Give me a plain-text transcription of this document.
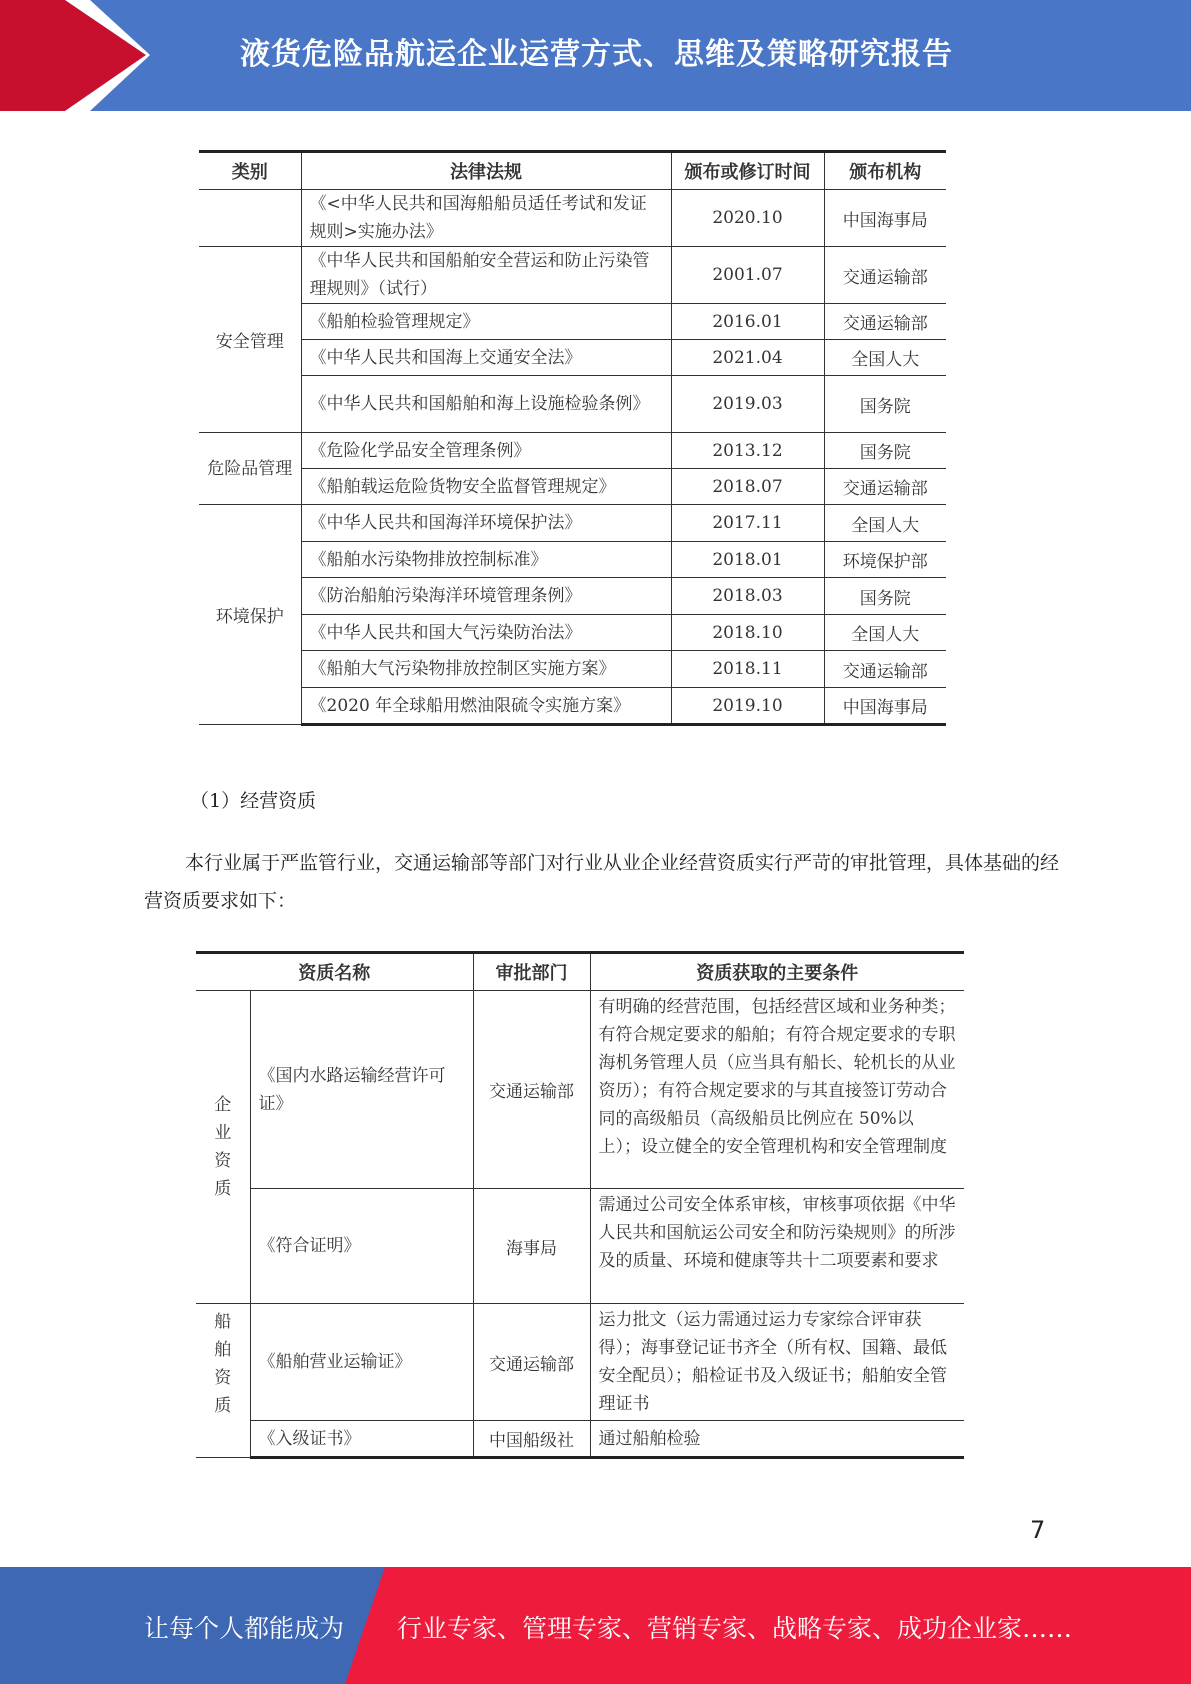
液货危险品航运企业运营方式、思维及策略研究报告
类别	法律法规	颁布或修订时间	颁布机构
	《<中华人民共和国海船船员适任考试和发证规则>实施办法》	2020.10	中国海事局
安全管理	《中华人民共和国船舶安全营运和防止污染管理规则》（试行）	2001.07	交通运输部
	《船舶检验管理规定》	2016.01	交通运输部
	《中华人民共和国海上交通安全法》	2021.04	全国人大
	《中华人民共和国船舶和海上设施检验条例》	2019.03	国务院
危险品管理	《危险化学品安全管理条例》	2013.12	国务院
	《船舶载运危险货物安全监督管理规定》	2018.07	交通运输部
环境保护	《中华人民共和国海洋环境保护法》	2017.11	全国人大
	《船舶水污染物排放控制标准》	2018.01	环境保护部
	《防治船舶污染海洋环境管理条例》	2018.03	国务院
	《中华人民共和国大气污染防治法》	2018.10	全国人大
	《船舶大气污染物排放控制区实施方案》	2018.11	交通运输部
	《2020 年全球船用燃油限硫令实施方案》	2019.10	中国海事局
（1）经营资质
本行业属于严监管行业，交通运输部等部门对行业从业企业经营资质实行严苛的审批管理，具体基础的经营资质要求如下：
资质名称		审批部门	资质获取的主要条件

企业资质	《国内水路运输经营许可证》	交通运输部	有明确的经营范围，包括经营区域和业务种类；有符合规定要求的船舶；有符合规定要求的专职海机务管理人员（应当具有船长、轮机长的从业资历）；有符合规定要求的与其直接签订劳动合同的高级船员（高级船员比例应在 50%以上）；设立健全的安全管理机构和安全管理制度
	《符合证明》	海事局	需通过公司安全体系审核，审核事项依据《中华人民共和国航运公司安全和防污染规则》的所涉及的质量、环境和健康等共十二项要素和要求

船舶资质	《船舶营业运输证》	交通运输部	运力批文（运力需通过运力专家综合评审获得）；海事登记证书齐全（所有权、国籍、最低安全配员）；船检证书及入级证书；船舶安全管理证书
	《入级证书》	中国船级社	通过船舶检验
7
让每个人都能成为 行业专家、管理专家、营销专家、战略专家、成功企业家……
